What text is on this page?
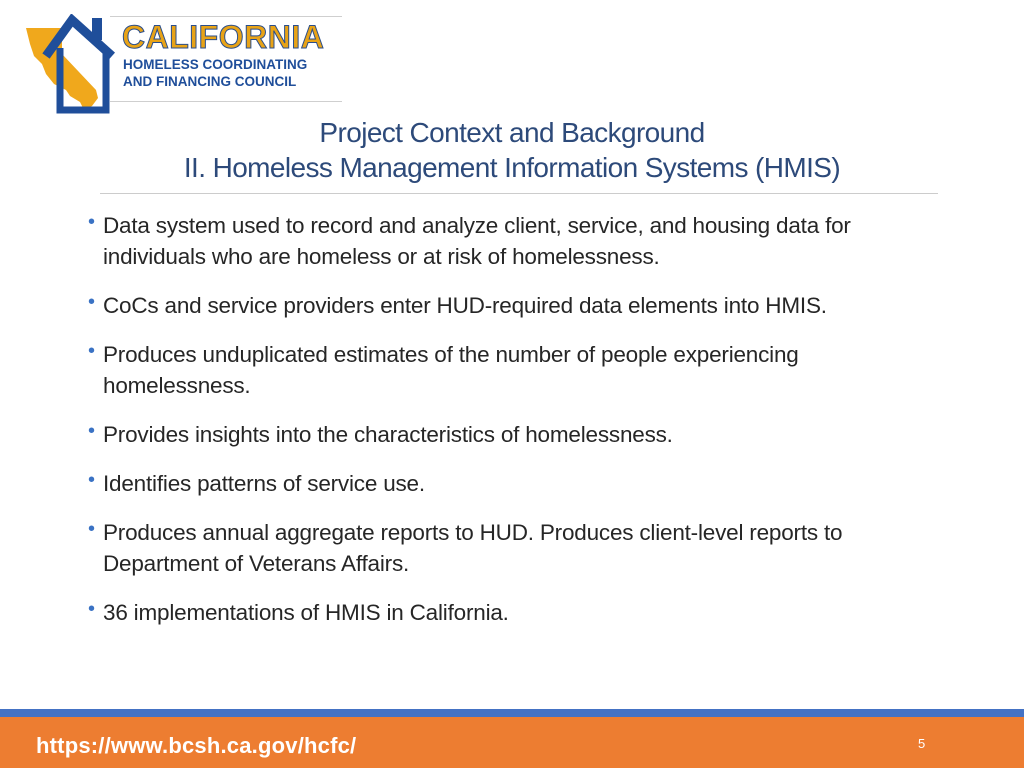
CALIFORNIA
HOMELESS COORDINATING
AND FINANCING COUNCIL
Project Context and Background
II. Homeless Management Information Systems (HMIS)
• Data system used to record and analyze client, service, and housing data for individuals who are homeless or at risk of homelessness.
• CoCs and service providers enter HUD-required data elements into HMIS.
• Produces unduplicated estimates of the number of people experiencing homelessness.
• Provides insights into the characteristics of homelessness.
• Identifies patterns of service use.
• Produces annual aggregate reports to HUD. Produces client-level reports to Department of Veterans Affairs.
• 36 implementations of HMIS in California.
https://www.bcsh.ca.gov/hcfc/	5
